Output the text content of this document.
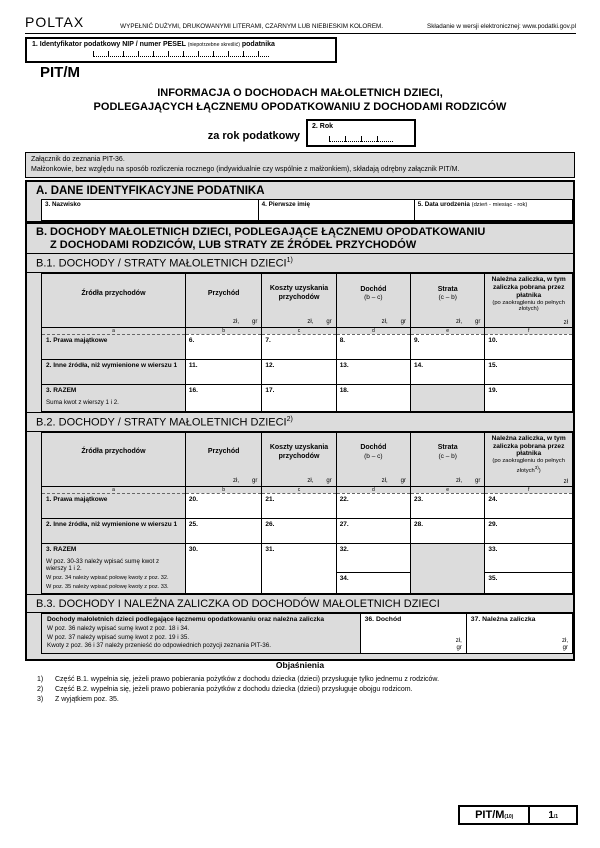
POLTAX	WYPEŁNIĆ DUŻYMI, DRUKOWANYMI LITERAMI, CZARNYM LUB NIEBIESKIM KOLOREM.	Składanie w wersji elektronicznej: www.podatki.gov.pl
1. Identyfikator podatkowy NIP / numer PESEL (niepotrzebne skreślić) podatnika
PIT/M
INFORMACJA O DOCHODACH MAŁOLETNICH DZIECI,
PODLEGAJĄCYCH ŁĄCZNEMU OPODATKOWANIU Z DOCHODAMI RODZICÓW
za rok podatkowy
2. Rok
Załącznik do zeznania PIT-36.
Małżonkowie, bez względu na sposób rozliczenia rocznego (indywidualnie czy wspólnie z małżonkiem), składają odrębny załącznik PIT/M.
A. DANE IDENTYFIKACYJNE PODATNIKA
3. Nazwisko	4. Pierwsze imię	5. Data urodzenia (dzień - miesiąc - rok)
B. DOCHODY MAŁOLETNICH DZIECI, PODLEGAJĄCE ŁĄCZNEMU OPODATKOWANIU
Z DOCHODAMI RODZICÓW, LUB STRATY ZE ŹRÓDEŁ PRZYCHODÓW
B.1. DOCHODY / STRATY MAŁOLETNICH DZIECI$^{1)}$
Źródła przychodów	Przychód
zł, gr

Koszty uzyskania przychodów
zł, gr

Dochód
(b – c)
zł, gr

Strata
(c – b)
zł, gr

Należna zaliczka, w tym zaliczka pobrana przez płatnika
(po zaokrągleniu do pełnych złotych)
zł

a	b	c	d	e	f
1. Prawa majątkowe	6.	7.	8.	9.	10.

2. Inne źródła, niż wymienione w wierszu 1	11.	12.	13.	14.	15.

3. RAZEM
Suma kwot z wierszy 1 i 2.	16.	17.	18.		19.
B.2. DOCHODY / STRATY MAŁOLETNICH DZIECI$^{2)}$
Źródła przychodów	Przychód
zł, gr

Koszty uzyskania przychodów
zł, gr

Dochód
(b – c)
zł, gr

Strata
(c – b)
zł, gr

Należna zaliczka, w tym zaliczka pobrana przez płatnika
(po zaokrągleniu do pełnych złotych$^{3)}$)
zł

a	b	c	d	e	f
1. Prawa majątkowe	20.	21.	22.	23.	24.

2. Inne źródła, niż wymienione w wierszu 1	25.	26.	27.	28.	29.

3. RAZEM
W poz. 30-33 należy wpisać sumę kwot z wierszy 1 i 2.
W poz. 34 należy wpisać połowę kwoty z poz. 32.
W poz. 35 należy wpisać połowę kwoty z poz. 33.	30.	31.	32.		33.

			34.		35.
B.3. DOCHODY I NALEŻNA ZALICZKA OD DOCHODÓW MAŁOLETNICH DZIECI
Dochody małoletnich dzieci podlegające łącznemu opodatkowaniu oraz należna zaliczka
W poz. 36 należy wpisać sumę kwot z poz. 18 i 34.
W poz. 37 należy wpisać sumę kwot z poz. 19 i 35.
Kwoty z poz. 36 i 37 należy przenieść do odpowiednich pozycji zeznania PIT-36.

36. Dochód
zł,
gr

37. Należna zaliczka
zł,
gr
Objaśnienia
1)	Część B.1. wypełnia się, jeżeli prawo pobierania pożytków z dochodu dziecka (dzieci) przysługuje tylko jednemu z rodziców.
2)	Część B.2. wypełnia się, jeżeli prawo pobierania pożytków z dochodu dziecka (dzieci) przysługuje obojgu rodzicom.
3)	Z wyjątkiem poz. 35.
PIT/M (10)	1 /1
